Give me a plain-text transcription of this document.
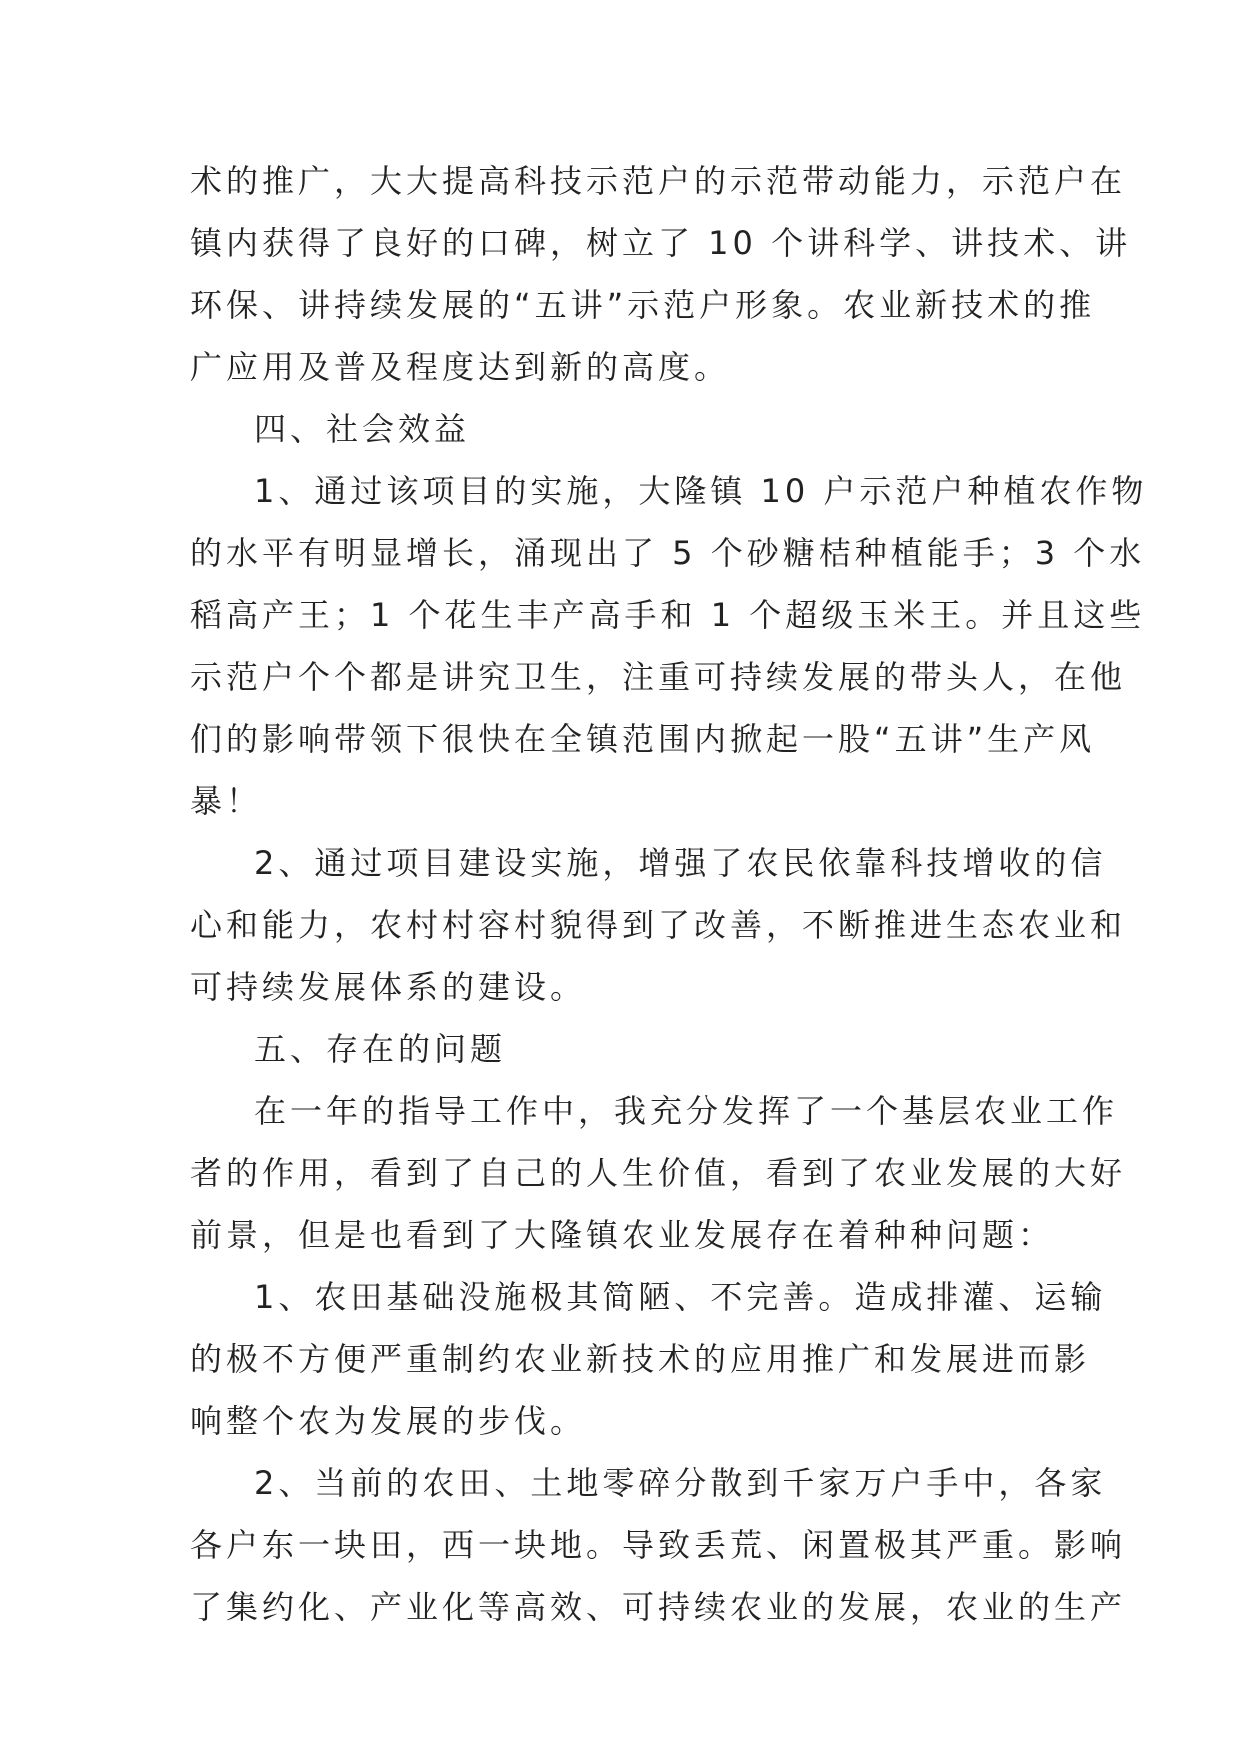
术的推广，大大提高科技示范户的示范带动能力，示范户在
镇内获得了良好的口碑，树立了 10 个讲科学、讲技术、讲
环保、讲持续发展的“五讲”示范户形象。农业新技术的推
广应用及普及程度达到新的高度。
四、社会效益
1、通过该项目的实施，大隆镇 10 户示范户种植农作物
的水平有明显增长，涌现出了 5 个砂糖桔种植能手；3 个水
稻高产王；1 个花生丰产高手和 1 个超级玉米王。并且这些
示范户个个都是讲究卫生，注重可持续发展的带头人，在他
们的影响带领下很快在全镇范围内掀起一股“五讲”生产风
暴！
2、通过项目建设实施，增强了农民依靠科技增收的信
心和能力，农村村容村貌得到了改善，不断推进生态农业和
可持续发展体系的建设。
五、存在的问题
在一年的指导工作中，我充分发挥了一个基层农业工作
者的作用，看到了自己的人生价值，看到了农业发展的大好
前景，但是也看到了大隆镇农业发展存在着种种问题：
1、农田基础没施极其简陋、不完善。造成排灌、运输
的极不方便严重制约农业新技术的应用推广和发展进而影
响整个农为发展的步伐。
2、当前的农田、土地零碎分散到千家万户手中，各家
各户东一块田，西一块地。导致丢荒、闲置极其严重。影响
了集约化、产业化等高效、可持续农业的发展，农业的生产
